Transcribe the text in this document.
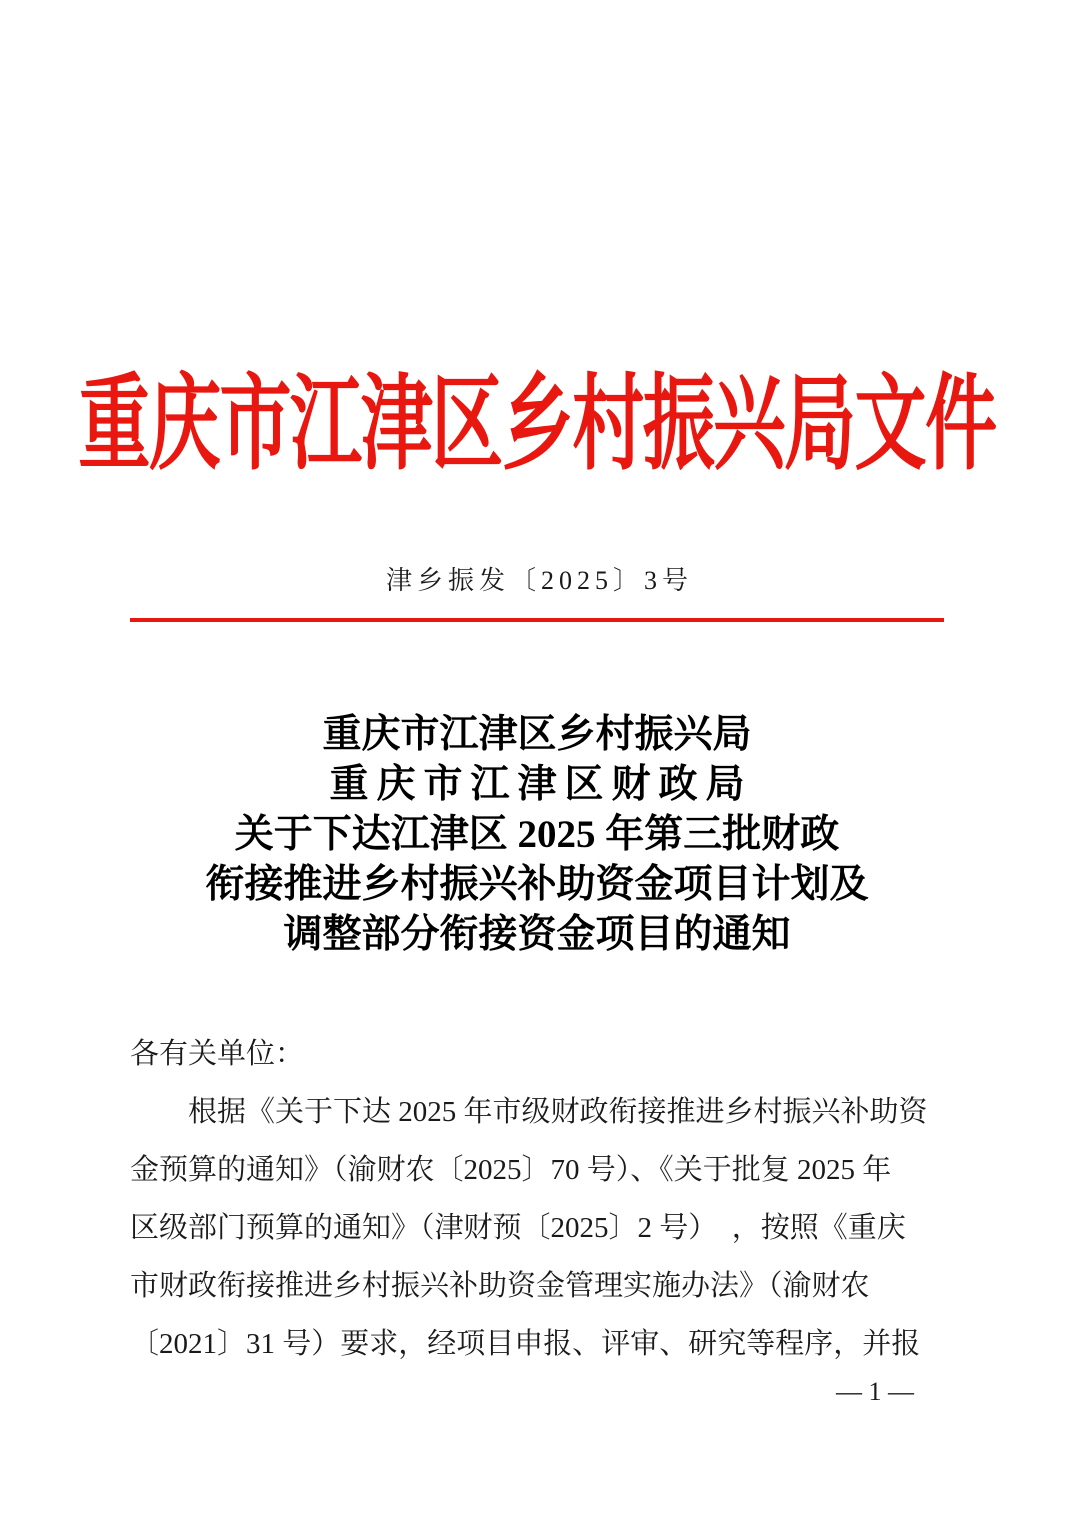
重庆市江津区乡村振兴局文件
津乡振发〔2025〕3号
重庆市江津区乡村振兴局
重庆市江津区财政局
关于下达江津区 2025 年第三批财政
衔接推进乡村振兴补助资金项目计划及
调整部分衔接资金项目的通知
各有关单位：
根据《关于下达 2025 年市级财政衔接推进乡村振兴补助资
金预算的通知》（渝财农〔2025〕70 号）、《关于批复 2025 年
区级部门预算的通知》（津财预〔2025〕2 号）  ，按照《重庆
市财政衔接推进乡村振兴补助资金管理实施办法》（渝财农
〔2021〕31 号）要求，经项目申报、评审、研究等程序，并报
— 1 —
